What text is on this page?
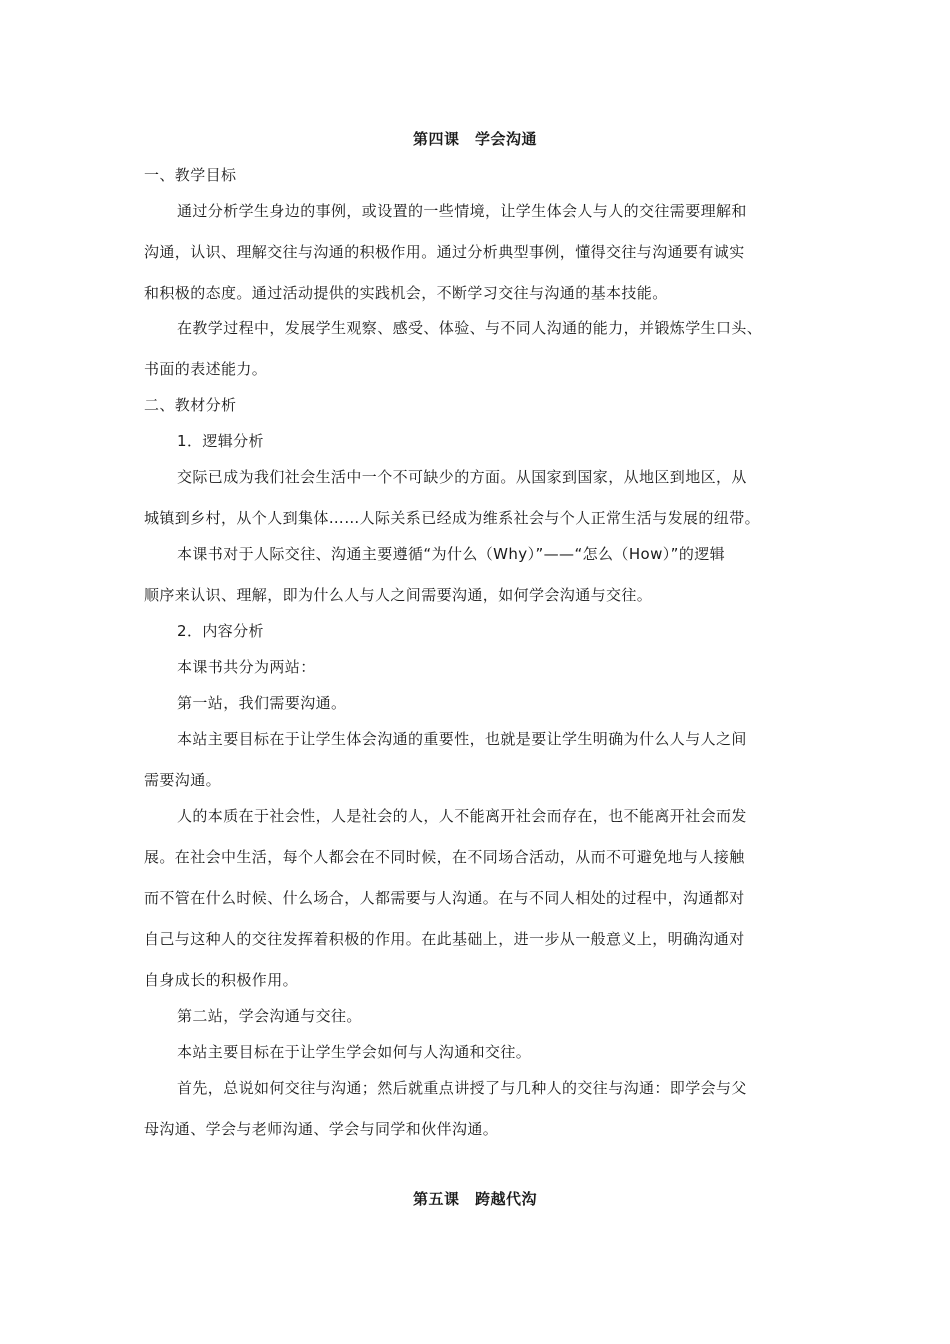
第四课　学会沟通
一、教学目标
通过分析学生身边的事例，或设置的一些情境，让学生体会人与人的交往需要理解和
沟通，认识、理解交往与沟通的积极作用。通过分析典型事例，懂得交往与沟通要有诚实
和积极的态度。通过活动提供的实践机会，不断学习交往与沟通的基本技能。
在教学过程中，发展学生观察、感受、体验、与不同人沟通的能力，并锻炼学生口头、
书面的表述能力。
二、教材分析
1．逻辑分析
交际已成为我们社会生活中一个不可缺少的方面。从国家到国家，从地区到地区，从
城镇到乡村，从个人到集体……人际关系已经成为维系社会与个人正常生活与发展的纽带。
本课书对于人际交往、沟通主要遵循“为什么（Why）”——“怎么（How）”的逻辑
顺序来认识、理解，即为什么人与人之间需要沟通，如何学会沟通与交往。
2．内容分析
本课书共分为两站：
第一站，我们需要沟通。
本站主要目标在于让学生体会沟通的重要性，也就是要让学生明确为什么人与人之间
需要沟通。
人的本质在于社会性，人是社会的人，人不能离开社会而存在，也不能离开社会而发
展。在社会中生活，每个人都会在不同时候，在不同场合活动，从而不可避免地与人接触
而不管在什么时候、什么场合，人都需要与人沟通。在与不同人相处的过程中，沟通都对
自己与这种人的交往发挥着积极的作用。在此基础上，进一步从一般意义上，明确沟通对
自身成长的积极作用。
第二站，学会沟通与交往。
本站主要目标在于让学生学会如何与人沟通和交往。
首先，总说如何交往与沟通；然后就重点讲授了与几种人的交往与沟通：即学会与父
母沟通、学会与老师沟通、学会与同学和伙伴沟通。
第五课　跨越代沟
